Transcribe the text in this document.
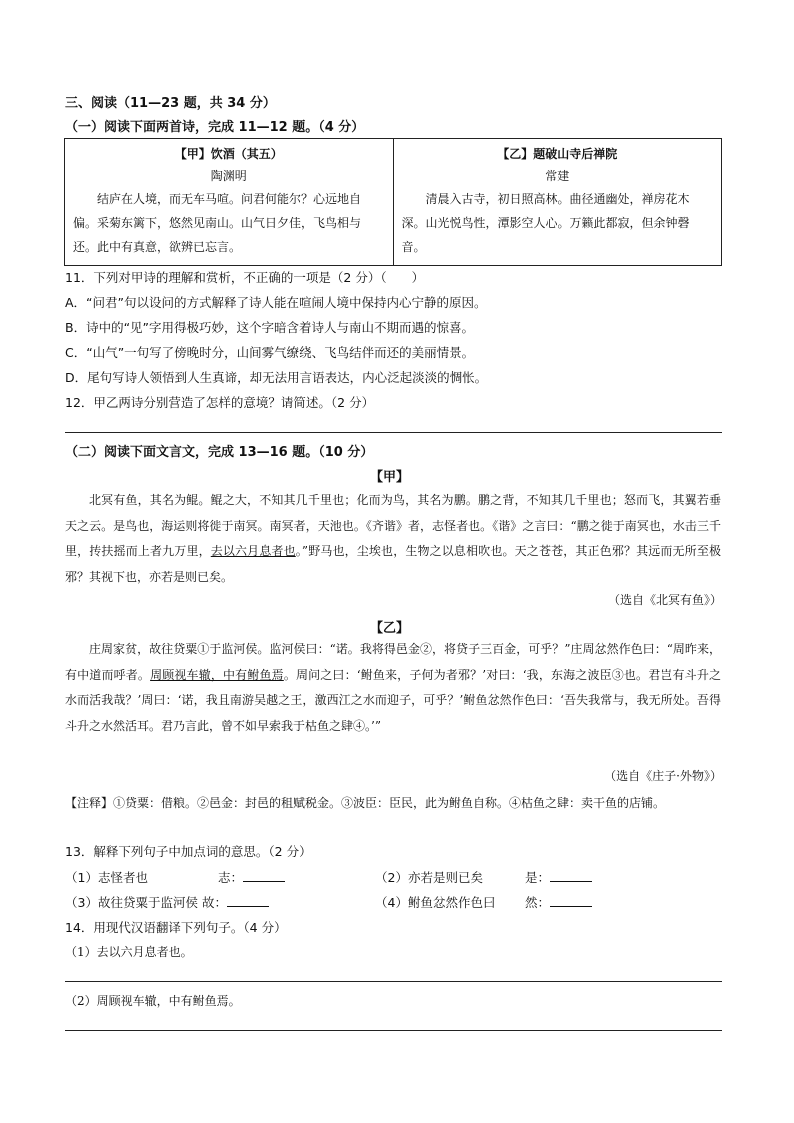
三、阅读（11—23 题，共 34 分）
（一）阅读下面两首诗，完成 11—12 题。（4 分）
【甲】饮酒（其五）
陶渊明
结庐在人境，而无车马喧。问君何能尔？心远地自偏。采菊东篱下，悠然见南山。山气日夕佳，飞鸟相与还。此中有真意，欲辨已忘言。

【乙】题破山寺后禅院
常建
清晨入古寺，初日照高林。曲径通幽处，禅房花木深。山光悦鸟性，潭影空人心。万籁此都寂，但余钟磬音。
11．下列对甲诗的理解和赏析，不正确的一项是（2 分）（　　）
A．“问君”句以设问的方式解释了诗人能在喧闹人境中保持内心宁静的原因。
B．诗中的“见”字用得极巧妙，这个字暗含着诗人与南山不期而遇的惊喜。
C．“山气”一句写了傍晚时分，山间雾气缭绕、飞鸟结伴而还的美丽情景。
D．尾句写诗人领悟到人生真谛，却无法用言语表达，内心泛起淡淡的惆怅。
12．甲乙两诗分别营造了怎样的意境？请简述。（2 分）
（二）阅读下面文言文，完成 13—16 题。（10 分）
【甲】
北冥有鱼，其名为鲲。鲲之大，不知其几千里也；化而为鸟，其名为鹏。鹏之背，不知其几千里也；怒而飞，其翼若垂天之云。是鸟也，海运则将徙于南冥。南冥者，天池也。《齐谐》者，志怪者也。《谐》之言曰：“鹏之徙于南冥也，水击三千里，抟扶摇而上者九万里，去以六月息者也。”野马也，尘埃也，生物之以息相吹也。天之苍苍，其正色邪？其远而无所至极邪？其视下也，亦若是则已矣。
（选自《北冥有鱼》）
【乙】
庄周家贫，故往贷粟①于监河侯。监河侯曰：“诺。我将得邑金②，将贷子三百金，可乎？”庄周忿然作色曰：“周昨来，有中道而呼者。周顾视车辙，中有鲋鱼焉。周问之曰：‘鲋鱼来，子何为者邪？’对曰：‘我，东海之波臣③也。君岂有斗升之水而活我哉？’周曰：‘诺，我且南游吴越之王，激西江之水而迎子，可乎？’鲋鱼忿然作色曰：‘吾失我常与，我无所处。吾得斗升之水然活耳。君乃言此，曾不如早索我于枯鱼之肆④。’”
（选自《庄子·外物》）
【注释】①贷粟：借粮。②邑金：封邑的租赋税金。③波臣：臣民，此为鲋鱼自称。④枯鱼之肆：卖干鱼的店铺。
13．解释下列句子中加点词的意思。（2 分）
（1）志怪者也	志：	（2）亦若是则已矣	是：
（3）故往贷粟于监河侯 故：	（4）鲋鱼忿然作色曰 然：
14．用现代汉语翻译下列句子。（4 分）
（1）去以六月息者也。
（2）周顾视车辙，中有鲋鱼焉。
